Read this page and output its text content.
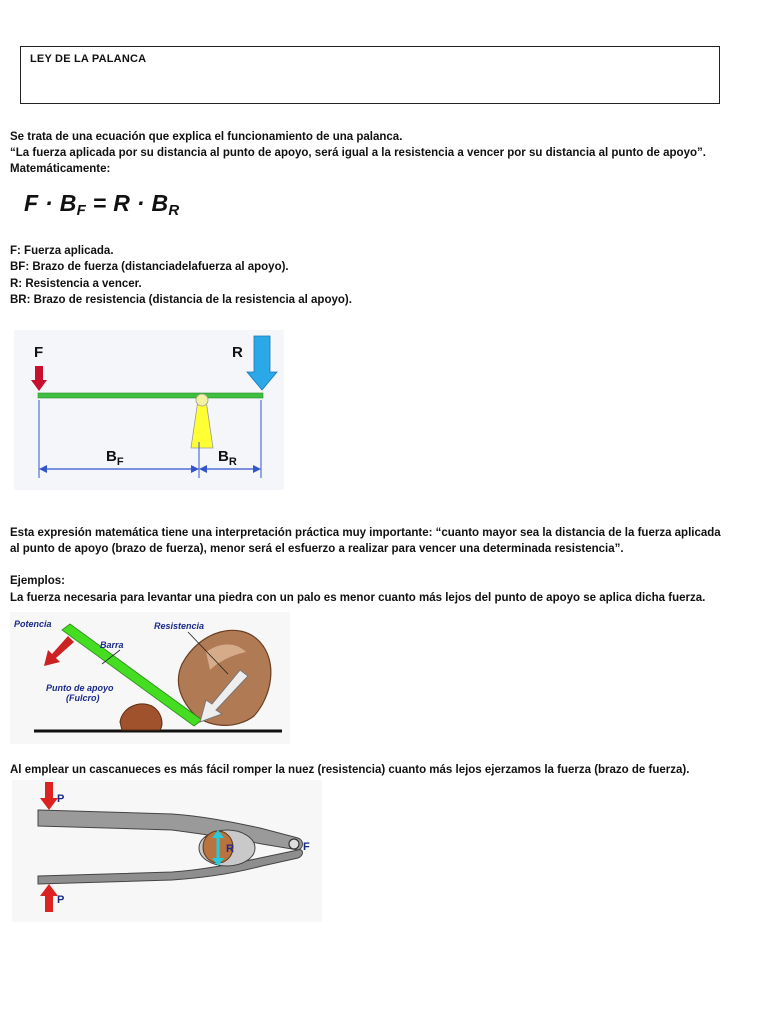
LEY DE LA PALANCA
Se trata de una ecuación que explica el funcionamiento de una palanca.
“La fuerza aplicada por su distancia al punto de apoyo, será igual a la resistencia a vencer por su distancia al punto de apoyo”.
Matemáticamente:
$F \cdot B_F = R \cdot B_R$
F: Fuerza aplicada.
BF: Brazo de fuerza (distanciadelafuerza al apoyo).
R: Resistencia a vencer.
BR: Brazo de resistencia (distancia de la resistencia al apoyo).
F	R
$B_F$	$B_R$
Esta expresión matemática tiene una interpretación práctica muy importante: “cuanto mayor sea la distancia de la fuerza aplicada
al punto de apoyo (brazo de fuerza), menor será el esfuerzo a realizar para vencer una determinada resistencia”.
Ejemplos:
La fuerza necesaria para levantar una piedra con un palo es menor cuanto más lejos del punto de apoyo se aplica dicha fuerza.
Potencia
Barra
Resistencia
Punto de apoyo
(Fulcro)
Al emplear un cascanueces es más fácil romper la nuez (resistencia) cuanto más lejos ejerzamos la fuerza (brazo de fuerza).
P
P
R	F
